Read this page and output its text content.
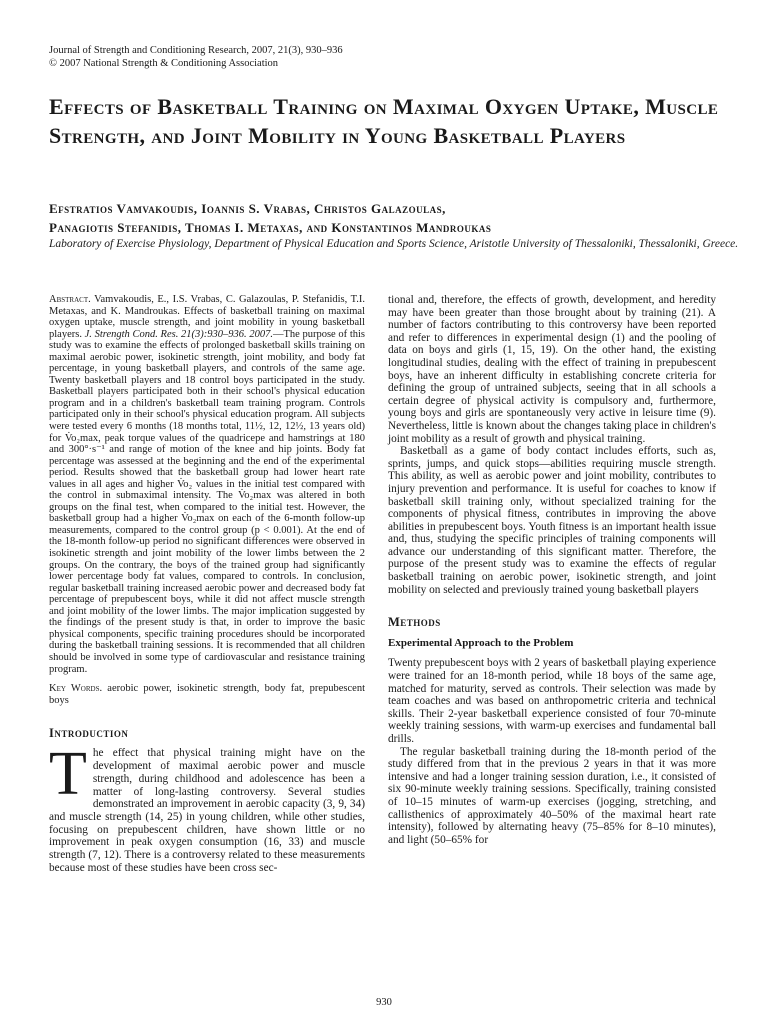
Journal of Strength and Conditioning Research, 2007, 21(3), 930–936
© 2007 National Strength & Conditioning Association
Effects of Basketball Training on Maximal Oxygen Uptake, Muscle Strength, and Joint Mobility in Young Basketball Players
Efstratios Vamvakoudis, Ioannis S. Vrabas, Christos Galazoulas,
Panagiotis Stefanidis, Thomas I. Metaxas, and Konstantinos Mandroukas

Laboratory of Exercise Physiology, Department of Physical Education and Sports Science, Aristotle University of Thessaloniki, Thessaloniki, Greece.

Abstract. Vamvakoudis, E., I.S. Vrabas, C. Galazoulas, P. Stefanidis, T.I. Metaxas, and K. Mandroukas. Effects of basketball training on maximal oxygen uptake, muscle strength, and joint mobility in young basketball players. J. Strength Cond. Res. 21(3):930–936. 2007.—The purpose of this study was to examine the effects of prolonged basketball skills training on maximal aerobic power, isokinetic strength, joint mobility, and body fat percentage, in young basketball players, and controls of the same age. Twenty basketball players and 18 control boys participated in the study. Basketball players participated both in their school's physical education program and in a children's basketball team training program. Controls participated only in their school's physical education program. All subjects were tested every 6 months (18 months total, 11½, 12, 12½, 13 years old) for V̇o₂max, peak torque values of the quadricepe and hamstrings at 180 and 300°·s⁻¹ and range of motion of the knee and hip joints. Body fat percentage was assessed at the beginning and the end of the experimental period. Results showed that the basketball group had lower heart rate values in all ages and higher V̇o₂ values in the initial test compared with the control in submaximal intensity. The V̇o₂max was altered in both groups on the final test, when compared to the initial test. However, the basketball group had a higher V̇o₂max on each of the 6-month follow-up measurements, compared to the control group (p < 0.001). At the end of the 18-month follow-up period no significant differences were observed in isokinetic strength and joint mobility of the lower limbs between the 2 groups. On the contrary, the boys of the trained group had significantly lower percentage body fat values, compared to controls. In conclusion, regular basketball training increased aerobic power and decreased body fat percentage of prepubescent boys, while it did not affect muscle strength and joint mobility of the lower limbs. The major implication suggested by the findings of the present study is that, in order to improve the basic physical components, specific training procedures should be incorporated during the basketball training sessions. It is recommended that all children should be involved in some type of cardiovascular and resistance training program.

Key Words. aerobic power, isokinetic strength, body fat, prepubescent boys

Introduction

The effect that physical training might have on the development of maximal aerobic power and muscle strength, during childhood and adolescence has been a matter of long-lasting controversy. Several studies demonstrated an improvement in aerobic capacity (3, 9, 34) and muscle strength (14, 25) in young children, while other studies, focusing on prepubescent children, have shown little or no improvement in peak oxygen consumption (16, 33) and muscle strength (7, 12). There is a controversy related to these measurements because most of these studies have been cross sec-

tional and, therefore, the effects of growth, development, and heredity may have been greater than those brought about by training (21). A number of factors contributing to this controversy have been reported and refer to differences in experimental design (1) and the pooling of data on boys and girls (1, 15, 19). On the other hand, the existing longitudinal studies, dealing with the effect of training in prepubescent boys, have an inherent difficulty in establishing concrete criteria for defining the group of untrained subjects, seeing that in all schools a certain degree of physical activity is compulsory and, furthermore, young boys and girls are spontaneously very active in leisure time (9). Nevertheless, little is known about the changes taking place in children's joint mobility as a result of growth and physical training.

Basketball as a game of body contact includes efforts, such as, sprints, jumps, and quick stops—abilities requiring muscle strength. This ability, as well as aerobic power and joint mobility, contributes to injury prevention and performance. It is useful for coaches to know if basketball skill training only, without specialized training for the components of physical fitness, contributes in improving the above abilities in prepubescent boys. Youth fitness is an important health issue and, thus, studying the specific principles of training components will advance our understanding of this significant matter. Therefore, the purpose of the present study was to examine the effects of regular basketball training on aerobic power, isokinetic strength, and joint mobility on selected and previously trained young basketball players

Methods
Experimental Approach to the Problem

Twenty prepubescent boys with 2 years of basketball playing experience were trained for an 18-month period, while 18 boys of the same age, matched for maturity, served as controls. Their selection was made by team coaches and was based on anthropometric criteria and technical skills. Their 2-year basketball experience consisted of four 70-minute weekly training sessions, with warm-up exercises and fundamental ball drills.

The regular basketball training during the 18-month period of the study differed from that in the previous 2 years in that it was more intensive and had a longer training session duration, i.e., it consisted of six 90-minute weekly training sessions. Specifically, training consisted of 10–15 minutes of warm-up exercises (jogging, stretching, and callisthenics of approximately 40–50% of the maximal heart rate intensity), followed by alternating heavy (75–85% for 8–10 minutes), and light (50–65% for

930
